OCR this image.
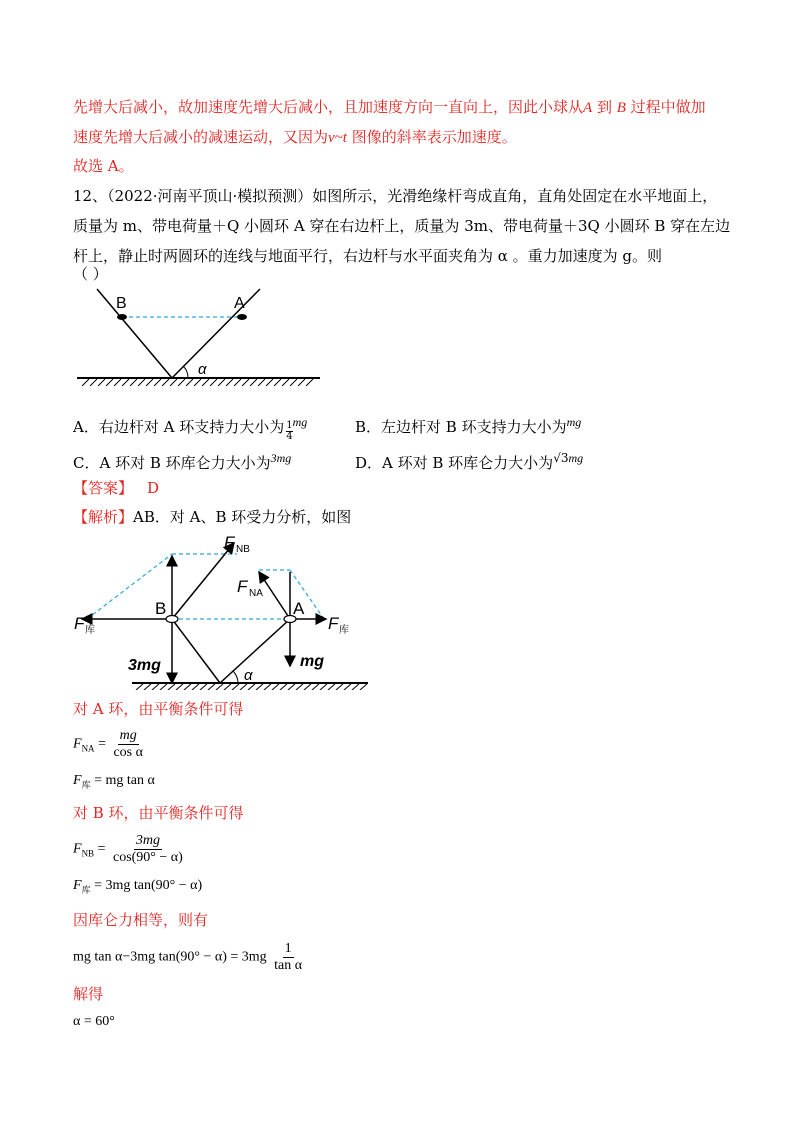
先增大后减小，故加速度先增大后减小，且加速度方向一直向上，因此小球从A 到 B 过程中做加
速度先增大后减小的减速运动，又因为v~t 图像的斜率表示加速度。
故选 A。
12、（2022·河南平顶山·模拟预测）如图所示，光滑绝缘杆弯成直角，直角处固定在水平地面上，
质量为 m、带电荷量＋Q 小圆环 A 穿在右边杆上，质量为 3m、带电荷量＋3Q 小圆环 B 穿在左边
杆上，静止时两圆环的连线与地面平行，右边杆与水平面夹角为 α 。重力加速度为 g。则
（ ）
B	A
α
A．右边杆对 A 环支持力大小为 $\frac{1}{4} ^{mg}$	B．左边杆对 B 环支持力大小为$^{mg}$
C．A 环对 B 环库仑力大小为$^{3mg}$	D．A 环对 B 环库仑力大小为$^{√3mg}$
【答案】 D
【解析】AB．对 A、B 环受力分析，如图
F NB
F NA
F 库	F 库
B	A
3mg	mg
α
对 A 环，由平衡条件可得
$F_{NA} = \frac{mg}{\text{cos α}}$
$F_库$ = mg tan α
对 B 环，由平衡条件可得
$F_{NB} = \frac{3mg}{\cos(90^\circ - \alpha)}$
$F_库 = 3mg$ tan(90° − α)
因库仑力相等，则有
mg tan α−3mg $\tan(90^\circ - \alpha) = 3mg \frac{1}{\text{tan α}}$
解得
α = 60°
